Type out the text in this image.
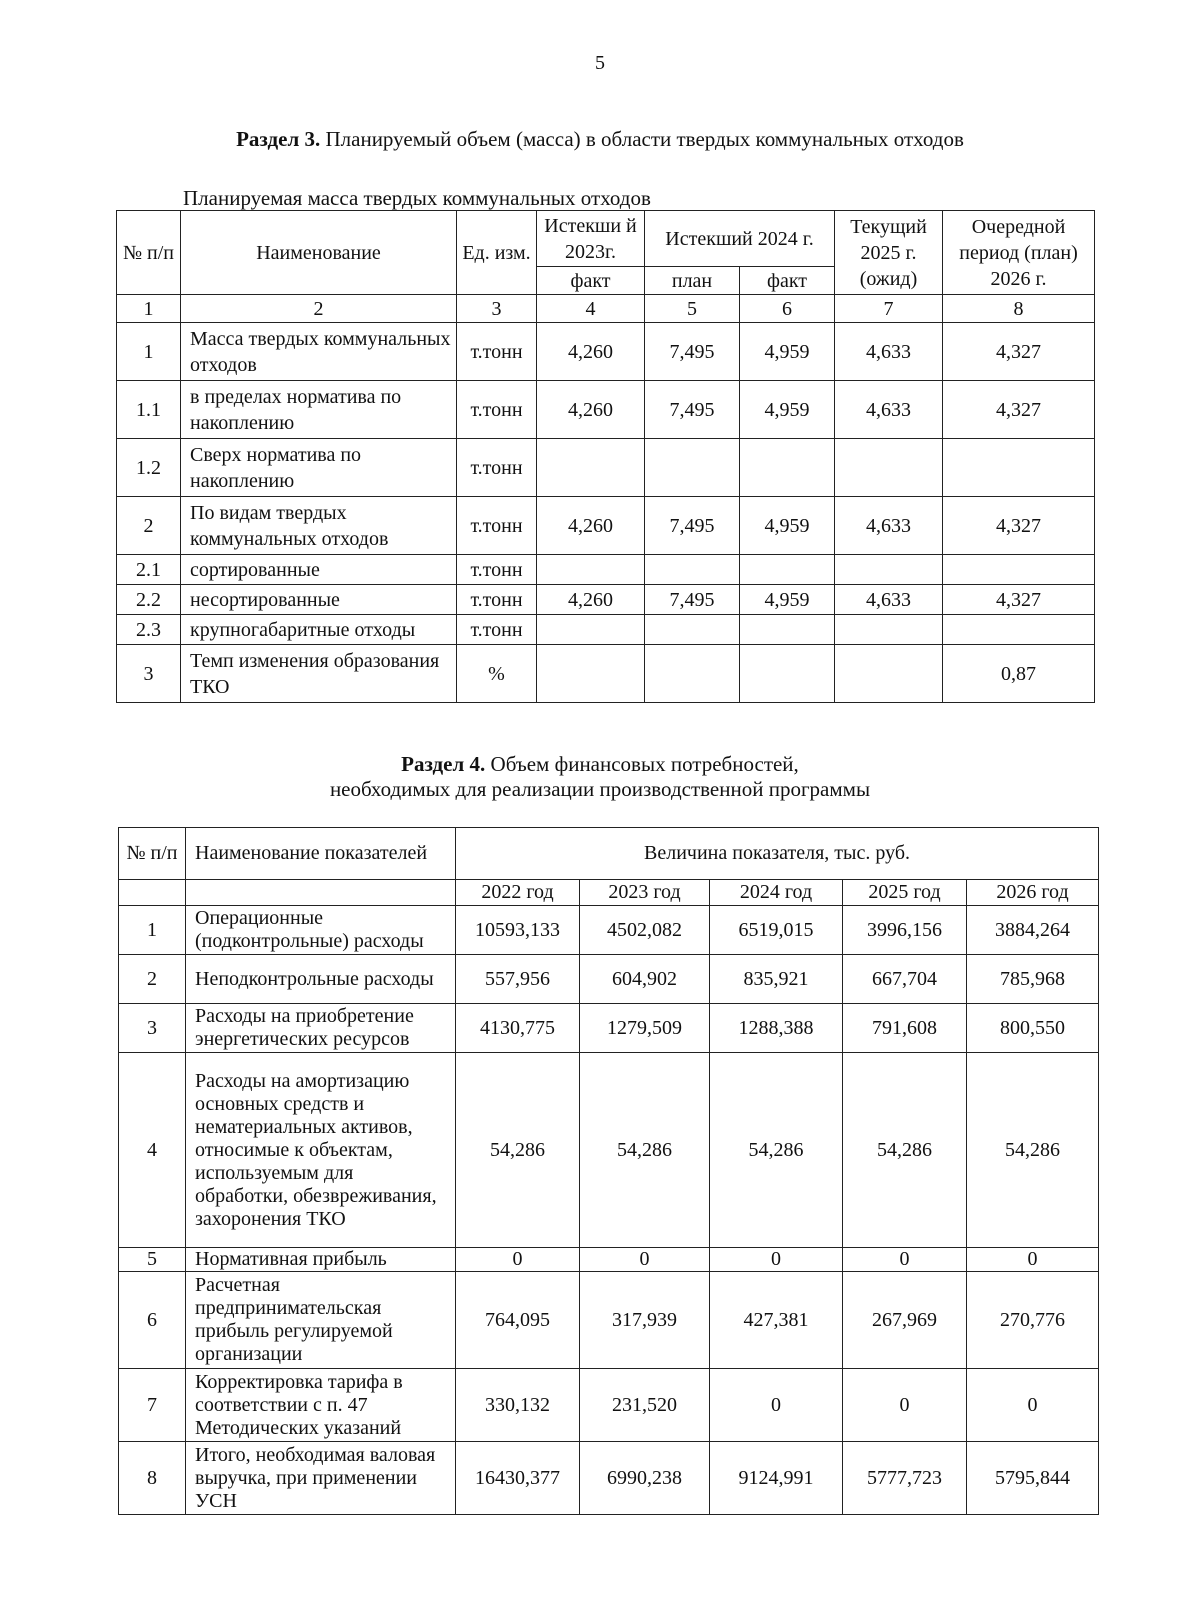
5
Раздел 3. Планируемый объем (масса) в области твердых коммунальных отходов
Планируемая масса твердых коммунальных отходов
№ п/п	Наименование	Ед. изм.	Истекши й 2023г.	Истекший 2024 г.		Текущий 2025 г. (ожид)	Очередной период (план) 2026 г.
			факт	план	факт		
1	2	3	4	5	6	7	8
1	Масса твердых коммунальных отходов	т.тонн	4,260	7,495	4,959	4,633	4,327
1.1	в пределах норматива по накоплению	т.тонн	4,260	7,495	4,959	4,633	4,327
1.2	Сверх норматива по накоплению	т.тонн					
2	По видам твердых коммунальных отходов	т.тонн	4,260	7,495	4,959	4,633	4,327
2.1	сортированные	т.тонн					
2.2	несортированные	т.тонн	4,260	7,495	4,959	4,633	4,327
2.3	крупногабаритные отходы	т.тонн					
3	Темп изменения образования ТКО	%					0,87
Раздел 4. Объем финансовых потребностей,
необходимых для реализации производственной программы
№ п/п	Наименование показателей	Величина показателя, тыс. руб.				
		2022 год	2023 год	2024 год	2025 год	2026 год
1	Операционные (подконтрольные) расходы	10593,133	4502,082	6519,015	3996,156	3884,264
2	Неподконтрольные расходы	557,956	604,902	835,921	667,704	785,968
3	Расходы на приобретение энергетических ресурсов	4130,775	1279,509	1288,388	791,608	800,550
4	Расходы на амортизацию основных средств и нематериальных активов, относимые к объектам, используемым для обработки, обезвреживания, захоронения ТКО	54,286	54,286	54,286	54,286	54,286
5	Нормативная прибыль	0	0	0	0	0
6	Расчетная предпринимательская прибыль регулируемой организации	764,095	317,939	427,381	267,969	270,776
7	Корректировка тарифа в соответствии с п. 47 Методических указаний	330,132	231,520	0	0	0
8	Итого, необходимая валовая выручка, при применении УСН	16430,377	6990,238	9124,991	5777,723	5795,844
